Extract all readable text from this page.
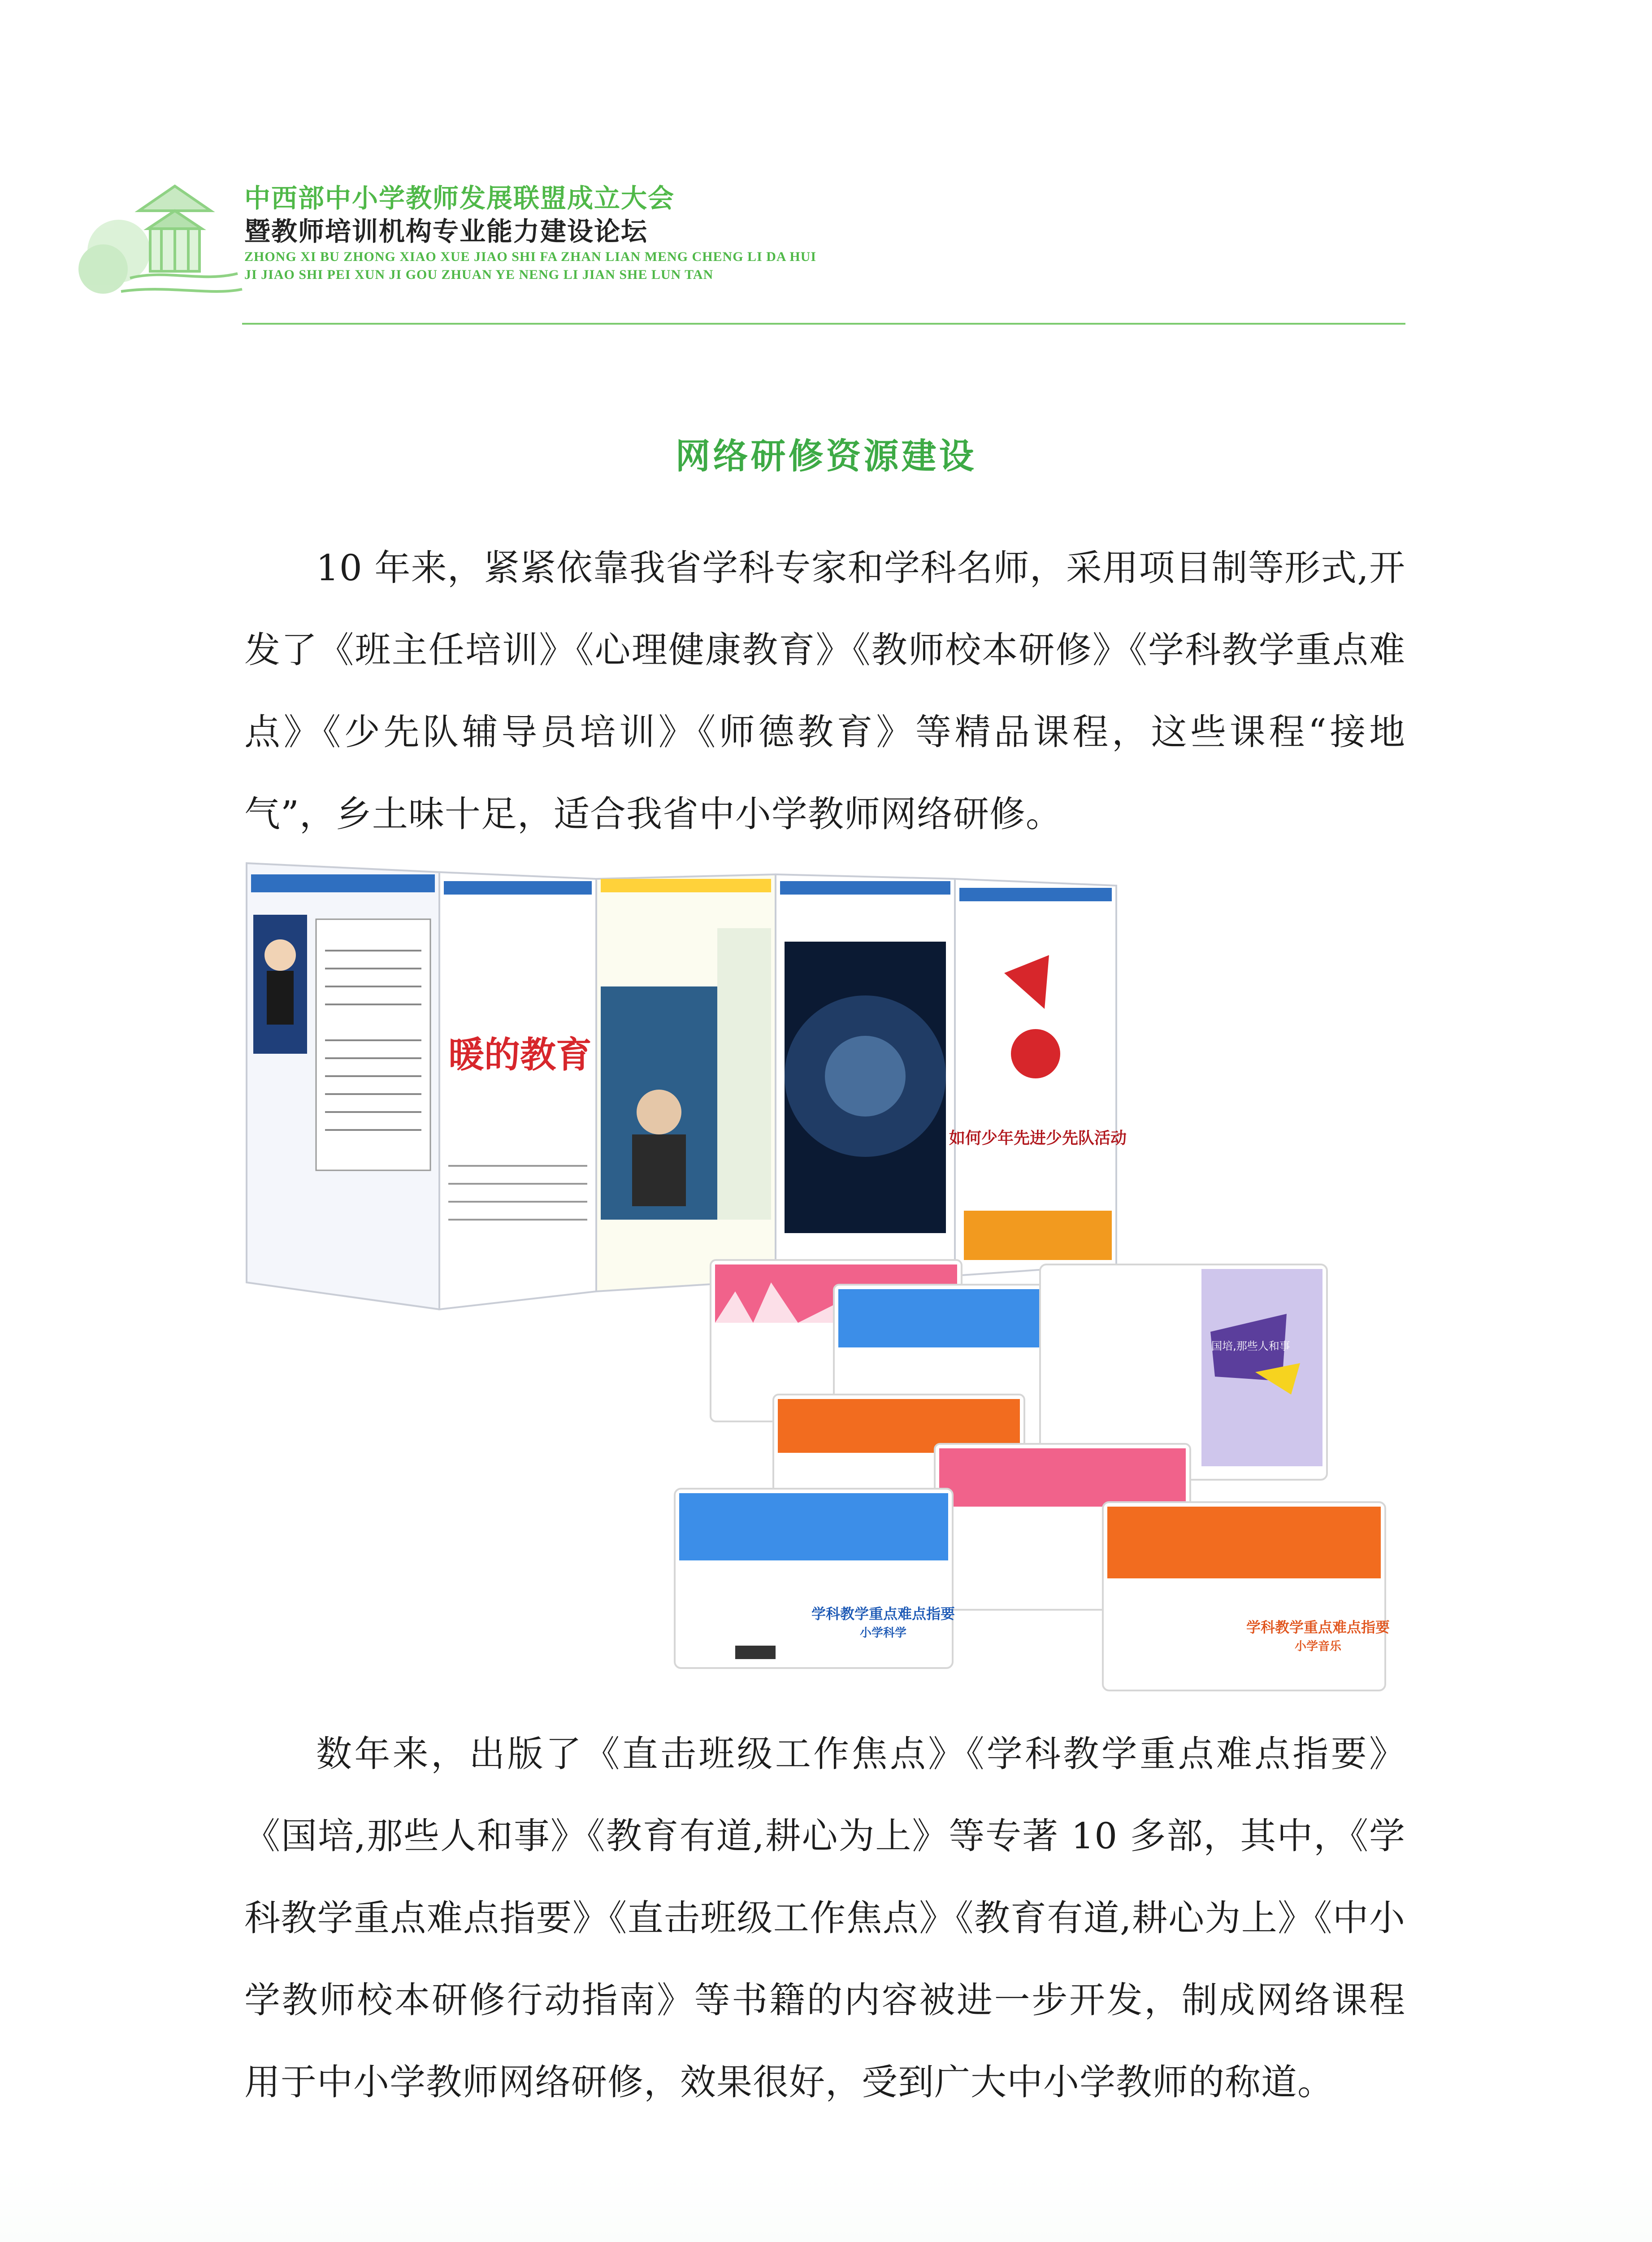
中西部中小学教师发展联盟成立大会
暨教师培训机构专业能力建设论坛
ZHONG XI BU ZHONG XIAO XUE JIAO SHI FA ZHAN LIAN MENG CHENG LI DA HUI
JI JIAO SHI PEI XUN JI GOU ZHUAN YE NENG LI JIAN SHE LUN TAN
网络研修资源建设

10 年来，紧紧依靠我省学科专家和学科名师，采用项目制等形式,开发了《班主任培训》《心理健康教育》《教师校本研修》《学科教学重点难点》《少先队辅导员培训》《师德教育》等精品课程，这些课程“接地气”，乡土味十足，适合我省中小学教师网络研修。

暖的教育
如何少年先进少先队活动
国培,那些人和事
学科教学重点难点指要
小学科学	学科教学重点难点指要
小学音乐

数年来，出版了《直击班级工作焦点》《学科教学重点难点指要》《国培,那些人和事》《教育有道,耕心为上》等专著 10 多部，其中，《学科教学重点难点指要》《直击班级工作焦点》《教育有道,耕心为上》《中小学教师校本研修行动指南》等书籍的内容被进一步开发，制成网络课程用于中小学教师网络研修，效果很好，受到广大中小学教师的称道。
